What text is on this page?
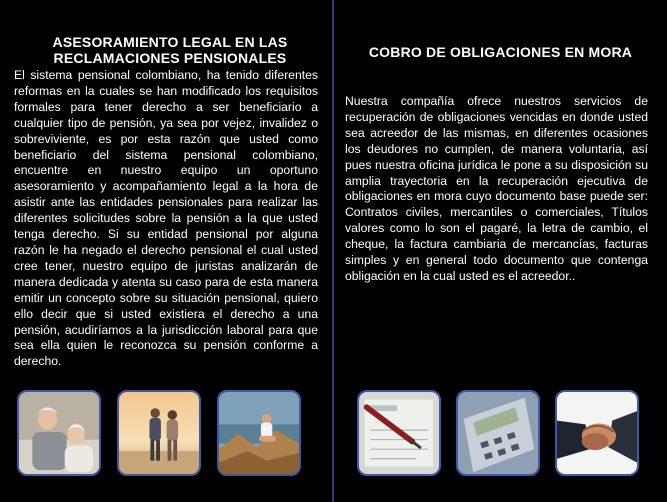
ASESORAMIENTO LEGAL EN LAS RECLAMACIONES PENSIONALES

El sistema pensional colombiano, ha tenido diferentes reformas en la cuales se han modificado los requisitos formales para tener derecho a ser beneficiario a cualquier tipo de pensión, ya sea por vejez, invalidez o sobreviviente, es por esta razón que usted como beneficiario del sistema pensional colombiano, encuentre en nuestro equipo un oportuno asesoramiento y acompañamiento legal a la hora de asistir ante las entidades pensionales para realizar las diferentes solicitudes sobre la pensión a la que usted tenga derecho. Si su entidad pensional por alguna razón le ha negado el derecho pensional el cual usted cree tener, nuestro equipo de juristas analizarán de manera dedicada y atenta su caso para de esta manera emitir un concepto sobre su situación pensional, quiero ello decir que si usted existiera el derecho a una pensión, acudiríamos a la jurisdicción laboral para que sea ella quien le reconozca su pensión conforme a derecho.

COBRO DE OBLIGACIONES EN MORA

Nuestra compañía ofrece nuestros servicios de recuperación de obligaciones vencidas en donde usted sea acreedor de las mismas, en diferentes ocasiones los deudores no cumplen, de manera voluntaria, así pues nuestra oficina jurídica le pone a su disposición su amplia trayectoria en la recuperación ejecutiva de obligaciones en mora cuyo documento base puede ser: Contratos civiles, mercantiles o comerciales, Títulos valores como lo son el pagaré, la letra de cambio, el cheque, la factura cambiaria de mercancías, facturas simples y en general todo documento que contenga obligación en la cual usted es el acreedor..
